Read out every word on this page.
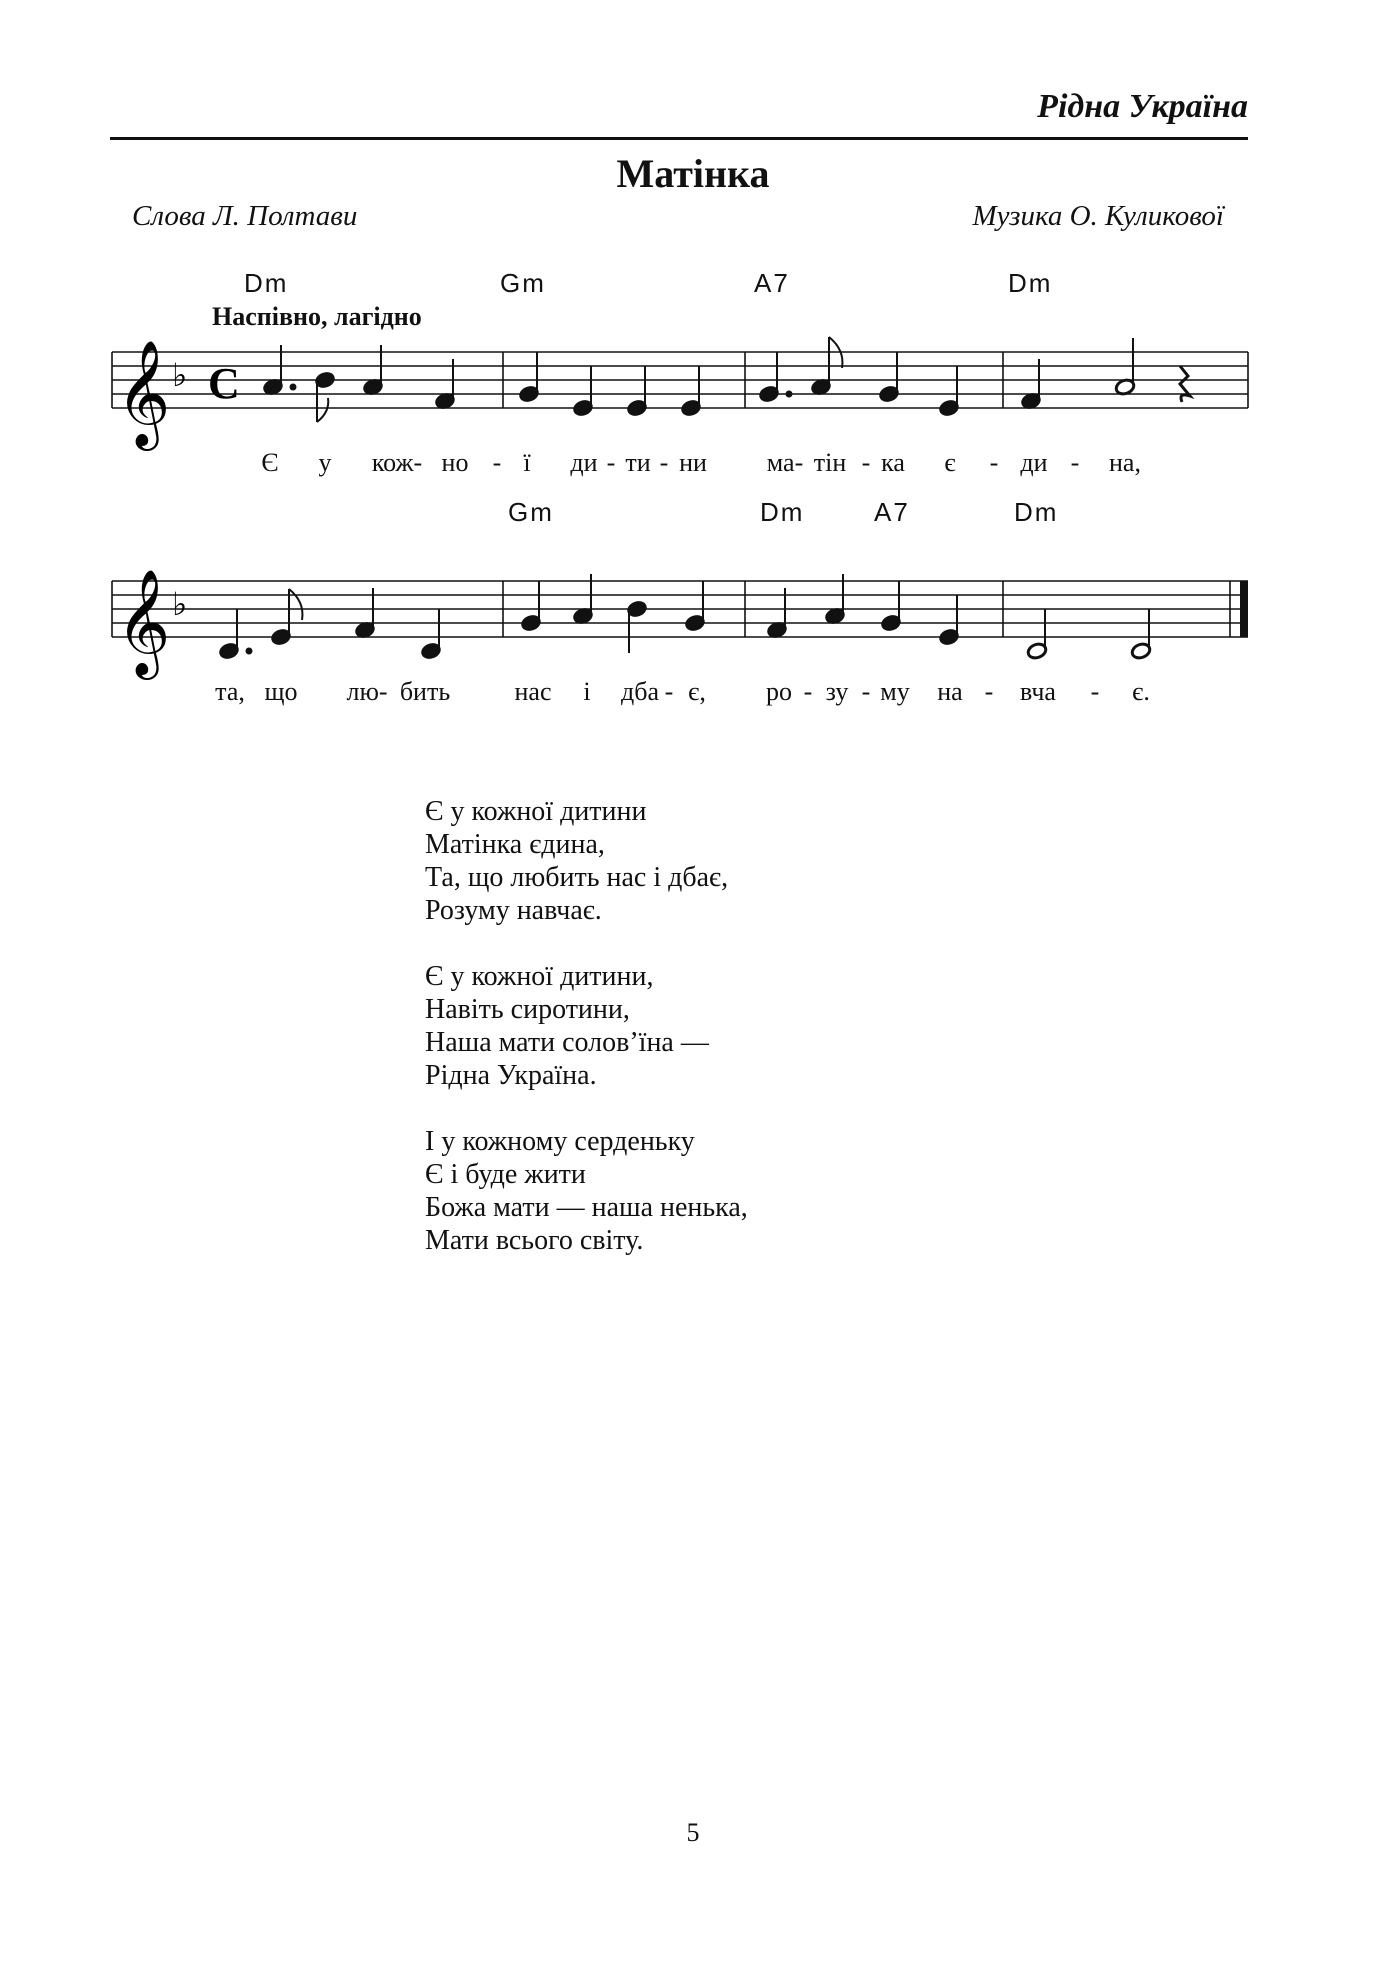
Рідна Україна
Матінка
Слова Л. Полтави	Музика О. Куликової
Dm	Gm	A7	Dm
Наспівно, лагідно
𝄞
𝄞
♭
♭
C
Є у кож- но - ї ди - ти - ни ма- тін - ка є - ди - на,
Gm	Dm	A7	Dm
та, що лю- бить нас і дба - є, ро - зу - му на - вча - є.
Є у кожної дитини
Матінка єдина,
Та, що любить нас і дбає,
Розуму навчає.
Є у кожної дитини,
Навіть сиротини,
Наша мати солов’їна —
Рідна Україна.
І у кожному серденьку
Є і буде жити
Божа мати — наша ненька,
Мати всього світу.
5
